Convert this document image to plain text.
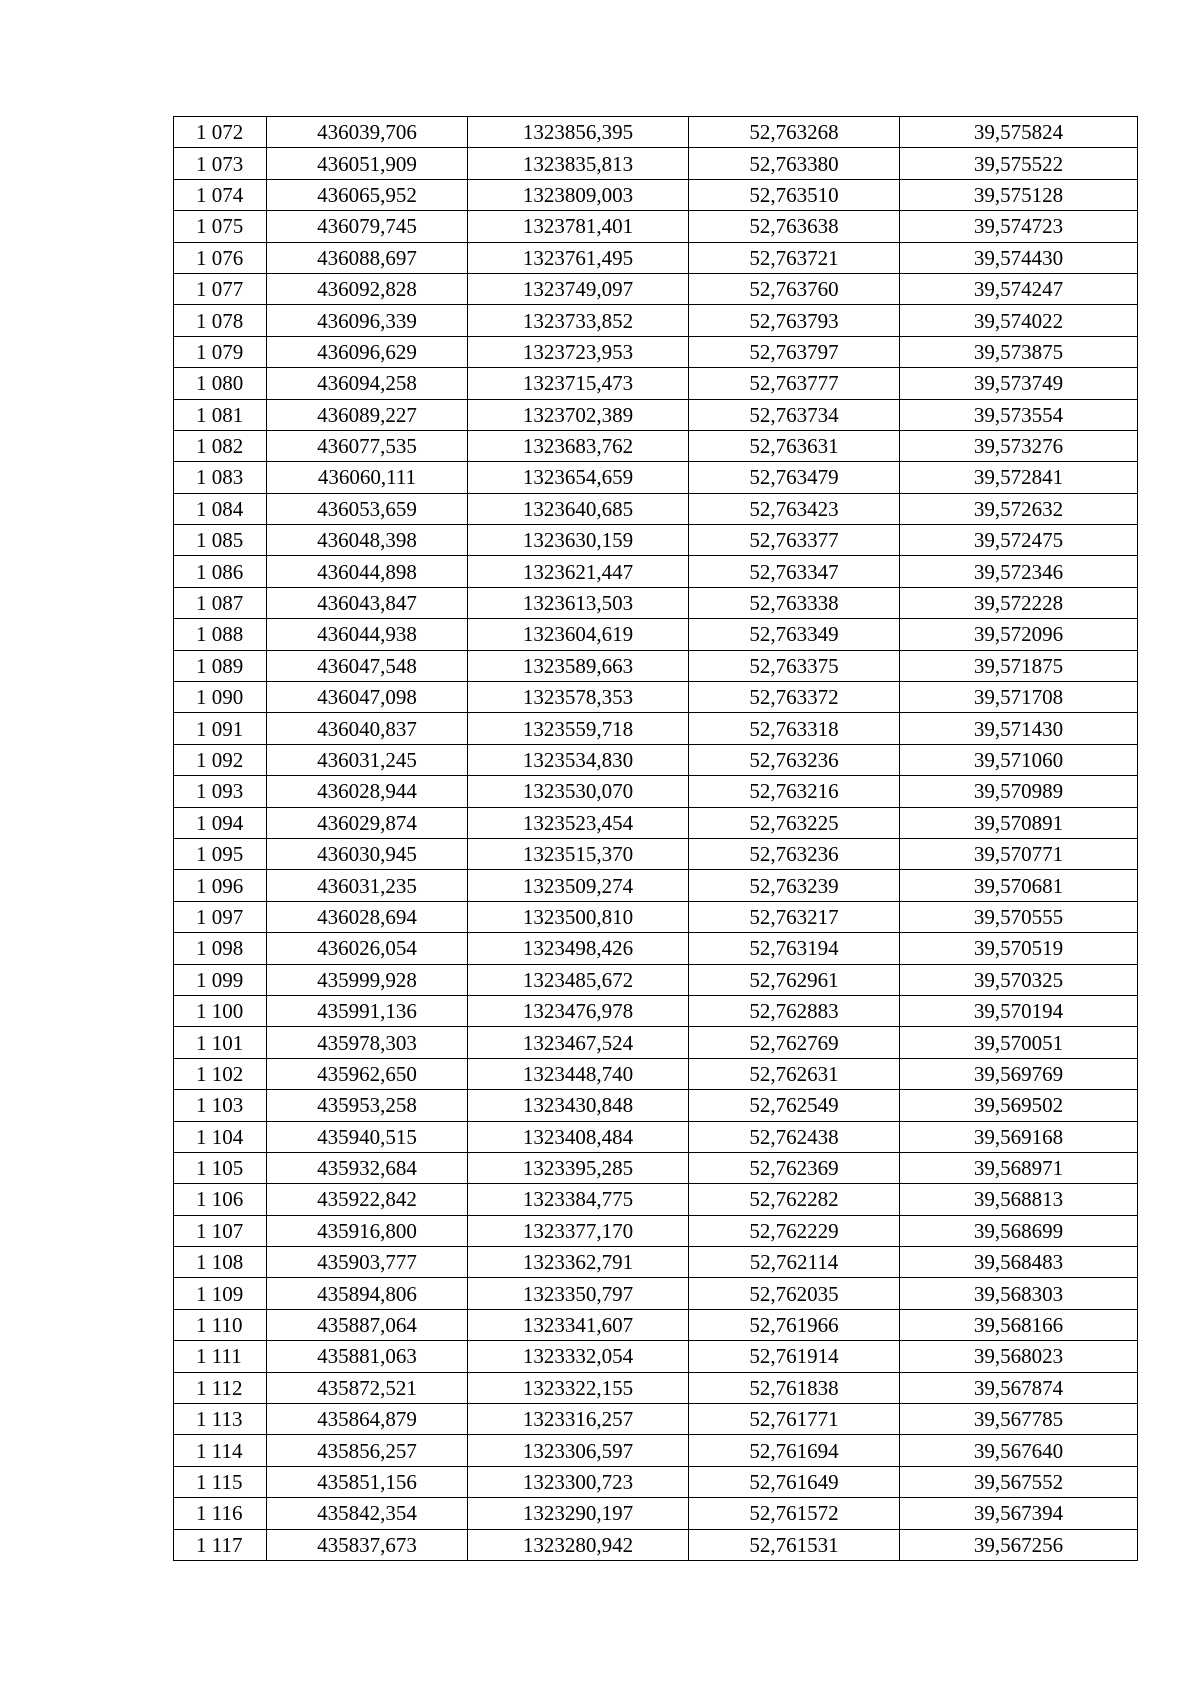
1 072	436039,706	1323856,395	52,763268	39,575824
1 073	436051,909	1323835,813	52,763380	39,575522
1 074	436065,952	1323809,003	52,763510	39,575128
1 075	436079,745	1323781,401	52,763638	39,574723
1 076	436088,697	1323761,495	52,763721	39,574430
1 077	436092,828	1323749,097	52,763760	39,574247
1 078	436096,339	1323733,852	52,763793	39,574022
1 079	436096,629	1323723,953	52,763797	39,573875
1 080	436094,258	1323715,473	52,763777	39,573749
1 081	436089,227	1323702,389	52,763734	39,573554
1 082	436077,535	1323683,762	52,763631	39,573276
1 083	436060,111	1323654,659	52,763479	39,572841
1 084	436053,659	1323640,685	52,763423	39,572632
1 085	436048,398	1323630,159	52,763377	39,572475
1 086	436044,898	1323621,447	52,763347	39,572346
1 087	436043,847	1323613,503	52,763338	39,572228
1 088	436044,938	1323604,619	52,763349	39,572096
1 089	436047,548	1323589,663	52,763375	39,571875
1 090	436047,098	1323578,353	52,763372	39,571708
1 091	436040,837	1323559,718	52,763318	39,571430
1 092	436031,245	1323534,830	52,763236	39,571060
1 093	436028,944	1323530,070	52,763216	39,570989
1 094	436029,874	1323523,454	52,763225	39,570891
1 095	436030,945	1323515,370	52,763236	39,570771
1 096	436031,235	1323509,274	52,763239	39,570681
1 097	436028,694	1323500,810	52,763217	39,570555
1 098	436026,054	1323498,426	52,763194	39,570519
1 099	435999,928	1323485,672	52,762961	39,570325
1 100	435991,136	1323476,978	52,762883	39,570194
1 101	435978,303	1323467,524	52,762769	39,570051
1 102	435962,650	1323448,740	52,762631	39,569769
1 103	435953,258	1323430,848	52,762549	39,569502
1 104	435940,515	1323408,484	52,762438	39,569168
1 105	435932,684	1323395,285	52,762369	39,568971
1 106	435922,842	1323384,775	52,762282	39,568813
1 107	435916,800	1323377,170	52,762229	39,568699
1 108	435903,777	1323362,791	52,762114	39,568483
1 109	435894,806	1323350,797	52,762035	39,568303
1 110	435887,064	1323341,607	52,761966	39,568166
1 111	435881,063	1323332,054	52,761914	39,568023
1 112	435872,521	1323322,155	52,761838	39,567874
1 113	435864,879	1323316,257	52,761771	39,567785
1 114	435856,257	1323306,597	52,761694	39,567640
1 115	435851,156	1323300,723	52,761649	39,567552
1 116	435842,354	1323290,197	52,761572	39,567394
1 117	435837,673	1323280,942	52,761531	39,567256
